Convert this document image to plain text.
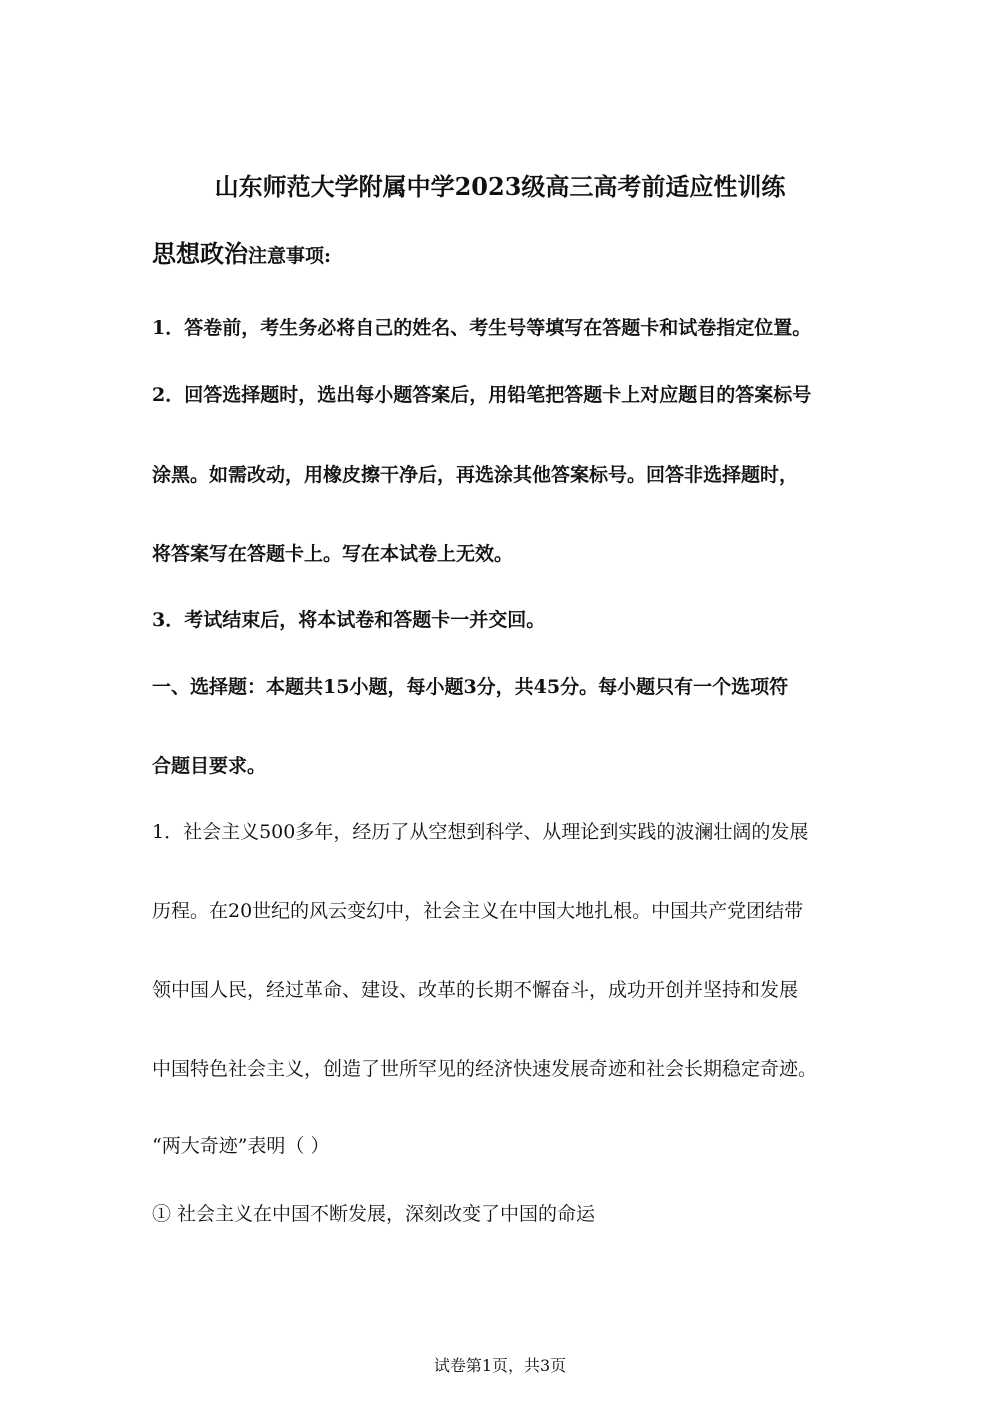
山东师范大学附属中学2023级高三高考前适应性训练
思想政治注意事项:
1．答卷前，考生务必将自己的姓名、考生号等填写在答题卡和试卷指定位置。
2．回答选择题时，选出每小题答案后，用铅笔把答题卡上对应题目的答案标号
涂黑。如需改动，用橡皮擦干净后，再选涂其他答案标号。回答非选择题时，
将答案写在答题卡上。写在本试卷上无效。
3．考试结束后，将本试卷和答题卡一并交回。
一、选择题：本题共15小题，每小题3分，共45分。每小题只有一个选项符
合题目要求。
1．社会主义500多年，经历了从空想到科学、从理论到实践的波澜壮阔的发展
历程。在20世纪的风云变幻中，社会主义在中国大地扎根。中国共产党团结带
领中国人民，经过革命、建设、改革的长期不懈奋斗，成功开创并坚持和发展
中国特色社会主义，创造了世所罕见的经济快速发展奇迹和社会长期稳定奇迹。
“两大奇迹”表明（ ）
① 社会主义在中国不断发展，深刻改变了中国的命运
试卷第1页，共3页
